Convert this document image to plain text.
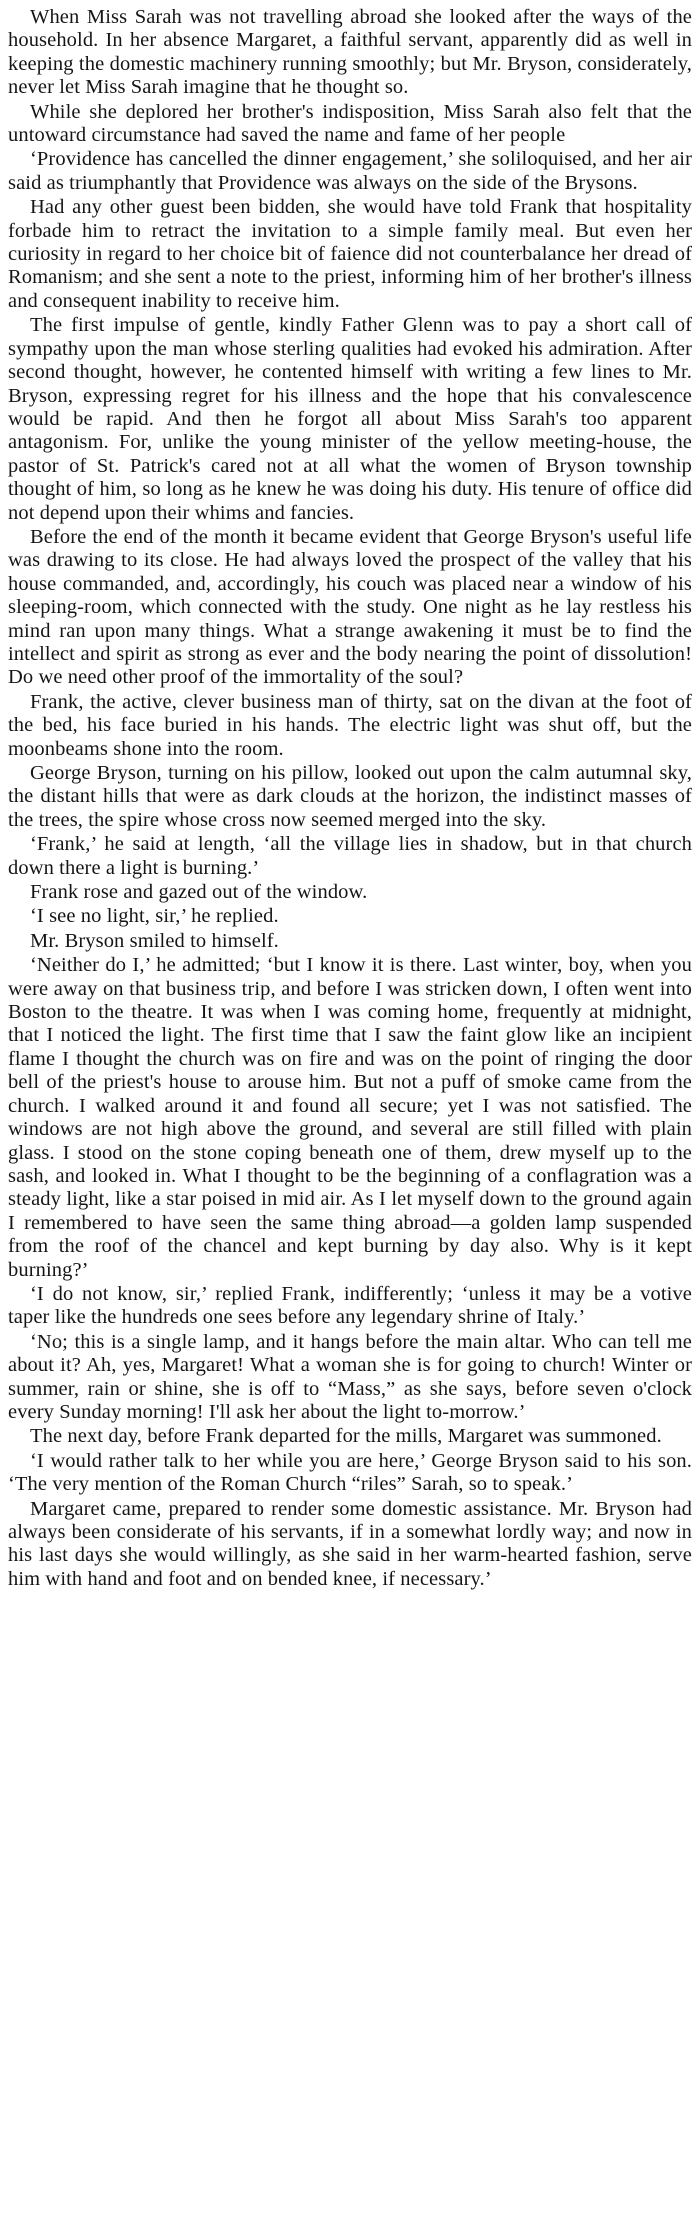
When Miss Sarah was not travelling abroad she looked after the ways of the household. In her absence Margaret, a faithful servant, apparently did as well in keeping the domestic machinery running smoothly; but Mr. Bryson, considerately, never let Miss Sarah imagine that he thought so.

While she deplored her brother's indisposition, Miss Sarah also felt that the untoward circumstance had saved the name and fame of her people

‘Providence has cancelled the dinner engagement,’ she soliloquised, and her air said as triumphantly that Providence was always on the side of the Brysons.

Had any other guest been bidden, she would have told Frank that hospitality forbade him to retract the invitation to a simple family meal. But even her curiosity in regard to her choice bit of faience did not counterbalance her dread of Romanism; and she sent a note to the priest, informing him of her brother's illness and consequent inability to receive him.

The first impulse of gentle, kindly Father Glenn was to pay a short call of sympathy upon the man whose sterling qualities had evoked his admiration. After second thought, however, he contented himself with writing a few lines to Mr. Bryson, expressing regret for his illness and the hope that his convalescence would be rapid. And then he forgot all about Miss Sarah's too apparent antagonism. For, unlike the young minister of the yellow meeting-house, the pastor of St. Patrick's cared not at all what the women of Bryson township thought of him, so long as he knew he was doing his duty. His tenure of office did not depend upon their whims and fancies.

Before the end of the month it became evident that George Bryson's useful life was drawing to its close. He had always loved the prospect of the valley that his house commanded, and, accordingly, his couch was placed near a window of his sleeping-room, which connected with the study. One night as he lay restless his mind ran upon many things. What a strange awakening it must be to find the intellect and spirit as strong as ever and the body nearing the point of dissolution! Do we need other proof of the immortality of the soul?

Frank, the active, clever business man of thirty, sat on the divan at the foot of the bed, his face buried in his hands. The electric light was shut off, but the moonbeams shone into the room.

George Bryson, turning on his pillow, looked out upon the calm autumnal sky, the distant hills that were as dark clouds at the horizon, the indistinct masses of the trees, the spire whose cross now seemed merged into the sky.

‘Frank,’ he said at length, ‘all the village lies in shadow, but in that church down there a light is burning.’

Frank rose and gazed out of the window.

‘I see no light, sir,’ he replied.

Mr. Bryson smiled to himself.

‘Neither do I,’ he admitted; ‘but I know it is there. Last winter, boy, when you were away on that business trip, and before I was stricken down, I often went into Boston to the theatre. It was when I was coming home, frequently at midnight, that I noticed the light. The first time that I saw the faint glow like an incipient flame I thought the church was on fire and was on the point of ringing the door bell of the priest's house to arouse him. But not a puff of smoke came from the church. I walked around it and found all secure; yet I was not satisfied. The windows are not high above the ground, and several are still filled with plain glass. I stood on the stone coping beneath one of them, drew myself up to the sash, and looked in. What I thought to be the beginning of a conflagration was a steady light, like a star poised in mid air. As I let myself down to the ground again I remembered to have seen the same thing abroad—a golden lamp suspended from the roof of the chancel and kept burning by day also. Why is it kept burning?’

‘I do not know, sir,’ replied Frank, indifferently; ‘unless it may be a votive taper like the hundreds one sees before any legendary shrine of Italy.’

‘No; this is a single lamp, and it hangs before the main altar. Who can tell me about it? Ah, yes, Margaret! What a woman she is for going to church! Winter or summer, rain or shine, she is off to “Mass,” as she says, before seven o'clock every Sunday morning! I'll ask her about the light to-morrow.’

The next day, before Frank departed for the mills, Margaret was summoned.

‘I would rather talk to her while you are here,’ George Bryson said to his son. ‘The very mention of the Roman Church “riles” Sarah, so to speak.’

Margaret came, prepared to render some domestic assistance. Mr. Bryson had always been considerate of his servants, if in a somewhat lordly way; and now in his last days she would willingly, as she said in her warm-hearted fashion, serve him with hand and foot and on bended knee, if necessary.’
